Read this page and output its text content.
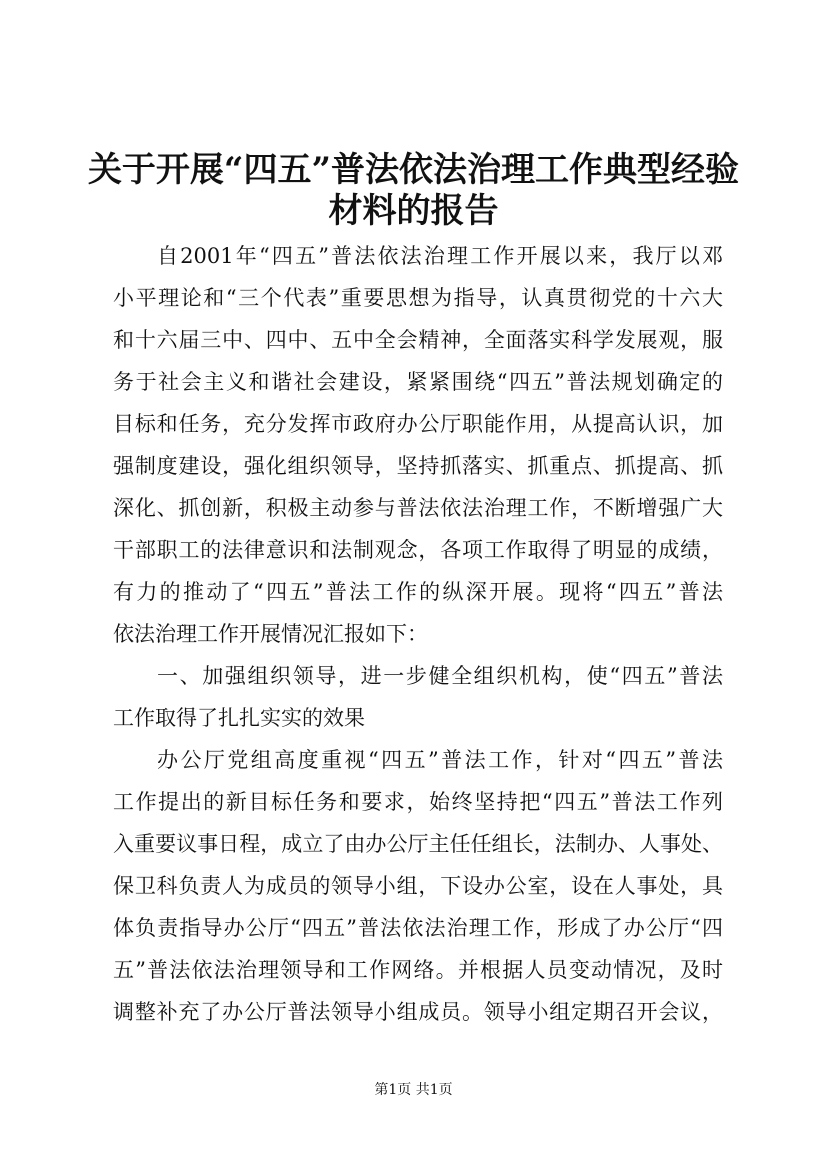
关于开展“四五”普法依法治理工作典型经验
材料的报告
自2001年“四五”普法依法治理工作开展以来，我厅以邓
小平理论和“三个代表”重要思想为指导，认真贯彻党的十六大
和十六届三中、四中、五中全会精神，全面落实科学发展观，服
务于社会主义和谐社会建设，紧紧围绕“四五”普法规划确定的
目标和任务，充分发挥市政府办公厅职能作用，从提高认识，加
强制度建设，强化组织领导，坚持抓落实、抓重点、抓提高、抓
深化、抓创新，积极主动参与普法依法治理工作，不断增强广大
干部职工的法律意识和法制观念，各项工作取得了明显的成绩，
有力的推动了“四五”普法工作的纵深开展。现将“四五”普法
依法治理工作开展情况汇报如下：
一、加强组织领导，进一步健全组织机构，使“四五”普法
工作取得了扎扎实实的效果
办公厅党组高度重视“四五”普法工作，针对“四五”普法
工作提出的新目标任务和要求，始终坚持把“四五”普法工作列
入重要议事日程，成立了由办公厅主任任组长，法制办、人事处、
保卫科负责人为成员的领导小组，下设办公室，设在人事处，具
体负责指导办公厅“四五”普法依法治理工作，形成了办公厅“四
五”普法依法治理领导和工作网络。并根据人员变动情况，及时
调整补充了办公厅普法领导小组成员。领导小组定期召开会议，
第1页 共1页
